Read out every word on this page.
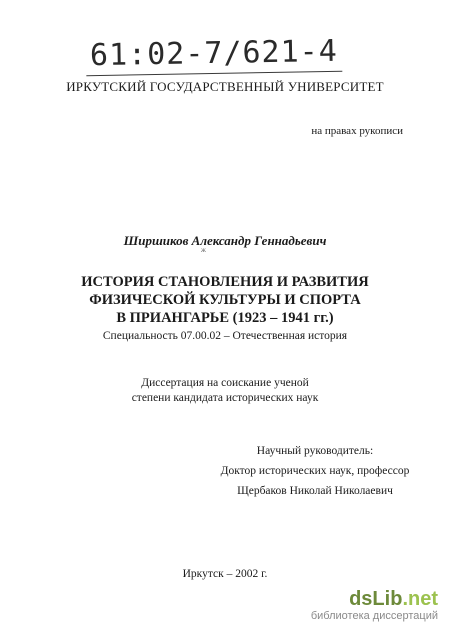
61:02-7/621-4
ИРКУТСКИЙ ГОСУДАРСТВЕННЫЙ УНИВЕРСИТЕТ
на правах рукописи
Ширшиков Александр Геннадьевич
ж
ИСТОРИЯ СТАНОВЛЕНИЯ И РАЗВИТИЯ
ФИЗИЧЕСКОЙ КУЛЬТУРЫ И СПОРТА
В ПРИАНГАРЬЕ (1923 – 1941 гг.)
Специальность 07.00.02 – Отечественная история
Диссертация на соискание ученой
степени кандидата исторических наук
Научный руководитель:
Доктор исторических наук, профессор
Щербаков Николай Николаевич
Иркутск – 2002 г.
dsLib.net
библиотека диссертаций
